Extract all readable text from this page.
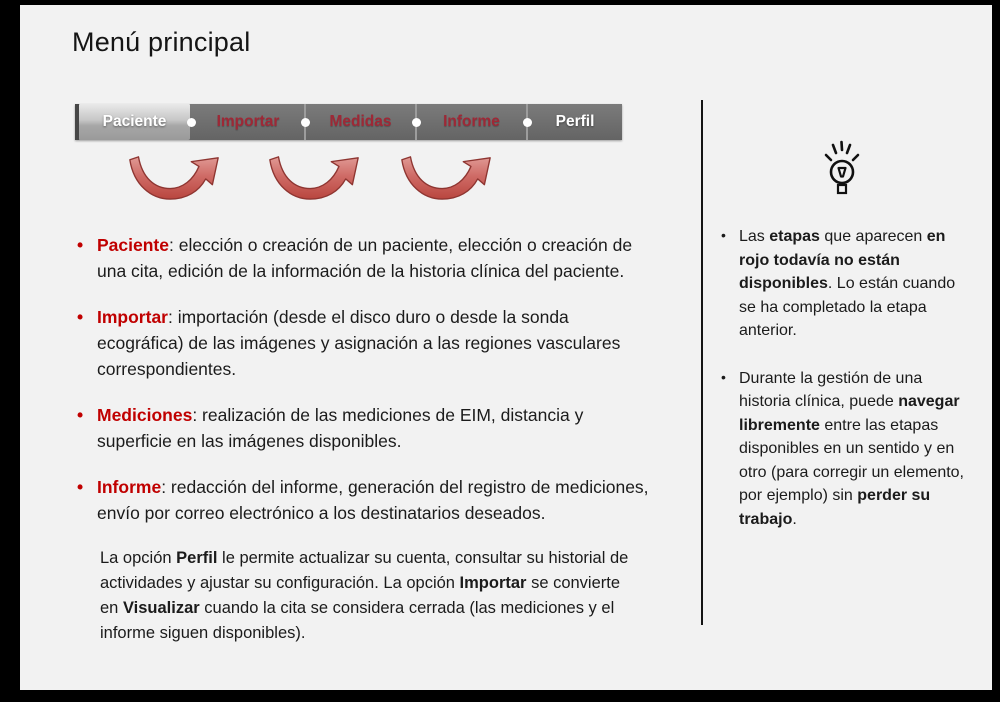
Menú principal
Paciente	Importar	Medidas	Informe	Perfil
• Paciente: elección o creación de un paciente, elección o creación de una cita, edición de la información de la historia clínica del paciente.
• Importar: importación (desde el disco duro o desde la sonda ecográfica) de las imágenes y asignación a las regiones vasculares correspondientes.
• Mediciones: realización de las mediciones de EIM, distancia y superficie en las imágenes disponibles.
• Informe: redacción del informe, generación del registro de mediciones, envío por correo electrónico a los destinatarios deseados.

La opción Perfil le permite actualizar su cuenta, consultar su historial de actividades y ajustar su configuración. La opción Importar se convierte en Visualizar cuando la cita se considera cerrada (las mediciones y el informe siguen disponibles).

• Las etapas que aparecen en rojo todavía no están disponibles. Lo están cuando se ha completado la etapa anterior.
• Durante la gestión de una historia clínica, puede navegar libremente entre las etapas disponibles en un sentido y en otro (para corregir un elemento, por ejemplo) sin perder su trabajo.
